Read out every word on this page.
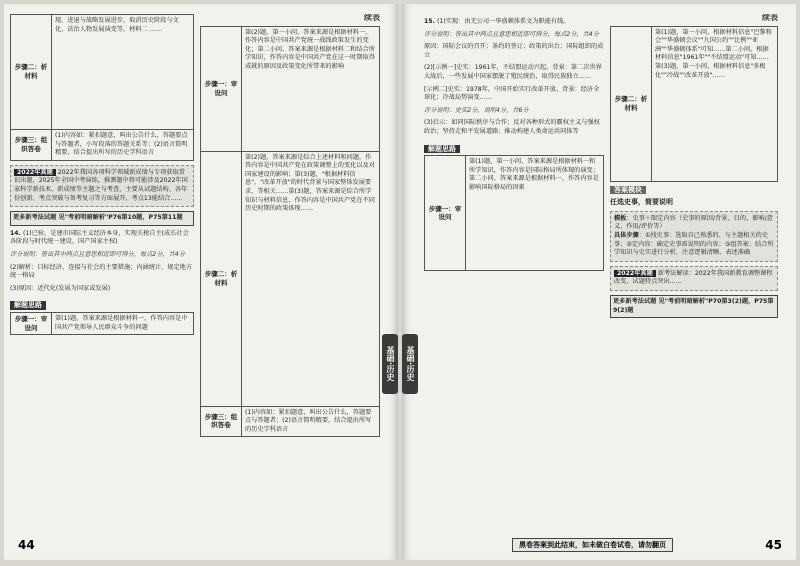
步骤二：析材料	现、进退与战略发展进步，取消历史阶段与文化、法治人物发展演变等，材料二 ……
步骤三：组织答卷	(1)内容如：紧扣题意，叫出公告什么，答题要点与答题者，小写段落的答题关系等；(2)语言简明精要，结合提出所写的历史学科语言
2022年真题 2022年我国各项科学领域新成绩与专项获取常识出题，2025年全国中考演练，推测题中将可能涉及2022年国家科学新技术、新成绩等主题之与考查，主要从试题结构、各年份创新、考点突破与备考复习等方面展开，考点13能结合……
更多新考法试题 见"考前明暗解析"P76第10题，P75第11题
14. (1)已验，是建市国际主义经济本身，实现关税自主(成长社会各阶段与时代统一建设，国产国家主权)
评分说明：答出其中两点且意思相近即可得分，每点2分，共4分
(2)解析：目标经济，连接与社会的主要措施；内涵统计，规定地方统一格局
(3)原因：近代化(发展为国家或发展)
解题思路
步骤一：审设问	第(1)题，答案来源是根据材料一，作答内容是中国共产党领导人民群众斗争的问题
续表
步骤一：审设问	第(2)题，第一小问，答案来源是根据材料一，作答内容是中国共产党统一战线政策发生的变化；第二小问，答案来源是根据材料二和结合所学知识，作答内容是中国共产党在这一时期取得成就的原因及政策变化所带来的影响
步骤二：析材料	第(2)题，答案来源是综合上述材料和问题，作答内容是中国共产党在政策调整上的变化以及对国家建设的影响；第(3)题，"根据材料信息"，"改革开放"的时代背景与国家整体发展要求，等相关……第(3)题，答案来源是综合所学知识与材料信息，作答内容是中国共产党在不同历史时期的政策体现……
步骤三：组织答卷	(1)内容如：紧扣题意，叫出公告什么，答题要点与答题者；(2)语言简明精要，结合提出所写的历史学科语言
基础·历史
44
基础·历史
15. (1)实现：由无公司一华盛顿体系文为职能有线。
评分说明：答出其中两点且意思相近即可得分，每点2分，共4分
原因：国际会议的召开；条约的签订；政策的出台；国际组织的成立
(2)[示例一]史实：1961年，不结盟运动兴起。背景：第二次世界大战后，一些发展中国家摆脱了殖民统治，取得民族独立……
[示例二]史实：1978年，中国开始实行改革开放。背景：经济全球化；冷战局势演变……
评分说明：史实2分，说明4分，共6分
(3)启示：如同国际秩序与合作；反对各种形式的霸权主义与强权政治；坚持走和平发展道路；推动构建人类命运共同体等
解题思路
步骤一：审设问	第(1)题，第一小问，答案来源是根据材料一和所学知识，作答内容是国际格局所体现的演变；第二小问，答案来源是根据材料一，作答内容是影响国际格局的因素
续表
步骤二：析材料	第(1)题，第一小问，根据材料信息"巴黎和会""华盛顿会议""九国公约""比例""亚洲""华盛顿体系"可知……第二小问，根据材料信息"1961年""不结盟运动"可知……第(3)题，第一小问，根据材料信息"多极化""冷战""改革开放"……
答案模块
任选史事，简要说明
模板：史事＋限定内容（史事的原因/背景、目的、影响/意义、作用/评价等）
具体步骤：①找史事：选取自己熟悉的、与主题相关的史事；②定内容：确定史事需说明的内容；③组答案：结合所学知识与史实进行分析，注意逻辑清晰、表述准确
2022年真题 新考法解读：2022年我国新教育调整课程改变，试题特点突出……
更多新考法试题 见"考前明暗解析"P70第3(2)题，P75第9(2)题
黑卷答案到此结束，如未做白卷试卷，请勿翻页	45
